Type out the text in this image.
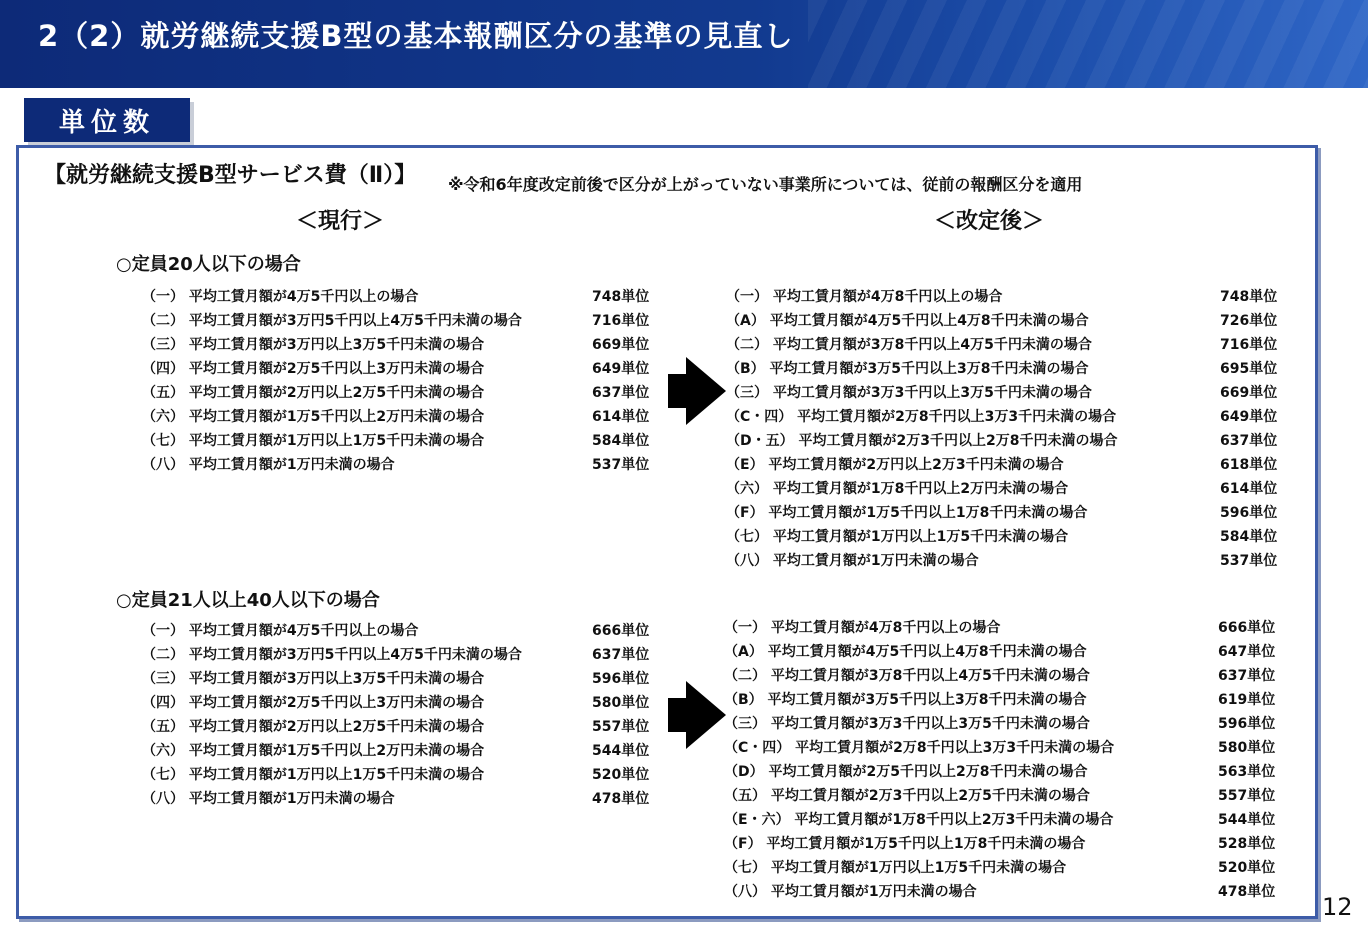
2（2）就労継続支援B型の基本報酬区分の基準の見直し
単位数
【就労継続支援B型サービス費（Ⅱ）】 ※令和6年度改定前後で区分が上がっていない事業所については、従前の報酬区分を適用
＜現行＞	＜改定後＞
○定員20人以下の場合
（一） 平均工賃月額が4万5千円以上の場合	748単位
（二） 平均工賃月額が3万円5千円以上4万5千円未満の場合	716単位
（三） 平均工賃月額が3万円以上3万5千円未満の場合	669単位
（四） 平均工賃月額が2万5千円以上3万円未満の場合	649単位
（五） 平均工賃月額が2万円以上2万5千円未満の場合	637単位
（六） 平均工賃月額が1万5千円以上2万円未満の場合	614単位
（七） 平均工賃月額が1万円以上1万5千円未満の場合	584単位
（八） 平均工賃月額が1万円未満の場合	537単位
（一） 平均工賃月額が4万8千円以上の場合	748単位
（A） 平均工賃月額が4万5千円以上4万8千円未満の場合	726単位
（二） 平均工賃月額が3万8千円以上4万5千円未満の場合	716単位
（B） 平均工賃月額が3万5千円以上3万8千円未満の場合	695単位
（三） 平均工賃月額が3万3千円以上3万5千円未満の場合	669単位
（C・四） 平均工賃月額が2万8千円以上3万3千円未満の場合	649単位
（D・五） 平均工賃月額が2万3千円以上2万8千円未満の場合	637単位
（E） 平均工賃月額が2万円以上2万3千円未満の場合	618単位
（六） 平均工賃月額が1万8千円以上2万円未満の場合	614単位
（F） 平均工賃月額が1万5千円以上1万8千円未満の場合	596単位
（七） 平均工賃月額が1万円以上1万5千円未満の場合	584単位
（八） 平均工賃月額が1万円未満の場合	537単位
○定員21人以上40人以下の場合
（一） 平均工賃月額が4万5千円以上の場合	666単位
（二） 平均工賃月額が3万円5千円以上4万5千円未満の場合	637単位
（三） 平均工賃月額が3万円以上3万5千円未満の場合	596単位
（四） 平均工賃月額が2万5千円以上3万円未満の場合	580単位
（五） 平均工賃月額が2万円以上2万5千円未満の場合	557単位
（六） 平均工賃月額が1万5千円以上2万円未満の場合	544単位
（七） 平均工賃月額が1万円以上1万5千円未満の場合	520単位
（八） 平均工賃月額が1万円未満の場合	478単位
（一） 平均工賃月額が4万8千円以上の場合	666単位
（A） 平均工賃月額が4万5千円以上4万8千円未満の場合	647単位
（二） 平均工賃月額が3万8千円以上4万5千円未満の場合	637単位
（B） 平均工賃月額が3万5千円以上3万8千円未満の場合	619単位
（三） 平均工賃月額が3万3千円以上3万5千円未満の場合	596単位
（C・四） 平均工賃月額が2万8千円以上3万3千円未満の場合	580単位
（D） 平均工賃月額が2万5千円以上2万8千円未満の場合	563単位
（五） 平均工賃月額が2万3千円以上2万5千円未満の場合	557単位
（E・六） 平均工賃月額が1万8千円以上2万3千円未満の場合	544単位
（F） 平均工賃月額が1万5千円以上1万8千円未満の場合	528単位
（七） 平均工賃月額が1万円以上1万5千円未満の場合	520単位
（八） 平均工賃月額が1万円未満の場合	478単位
12
